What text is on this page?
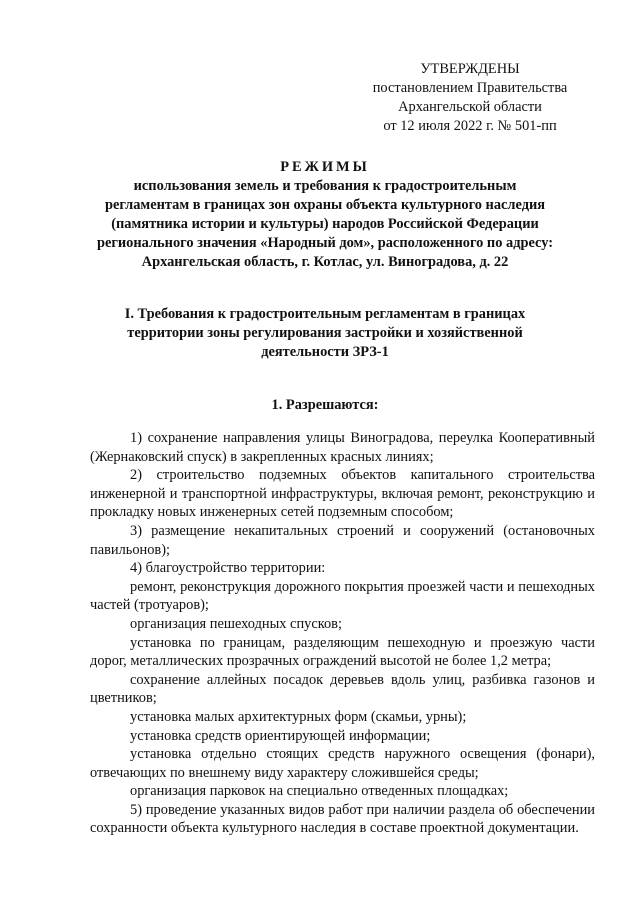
УТВЕРЖДЕНЫ
постановлением Правительства
Архангельской области
от 12 июля 2022 г. № 501-пп
РЕЖИМЫ
использования земель и требования к градостроительным
регламентам в границах зон охраны объекта культурного наследия
(памятника истории и культуры) народов Российской Федерации
регионального значения «Народный дом», расположенного по адресу:
Архангельская область, г. Котлас, ул. Виноградова, д. 22
I. Требования к градостроительным регламентам в границах
территории зоны регулирования застройки и хозяйственной
деятельности ЗРЗ-1
1. Разрешаются:

1) сохранение направления улицы Виноградова, переулка Кооперативный (Жернаковский спуск) в закрепленных красных линиях;

2) строительство подземных объектов капитального строительства инженерной и транспортной инфраструктуры, включая ремонт, реконструкцию и прокладку новых инженерных сетей подземным способом;

3) размещение некапитальных строений и сооружений (остановочных павильонов);

4) благоустройство территории:

ремонт, реконструкция дорожного покрытия проезжей части и пешеходных частей (тротуаров);

организация пешеходных спусков;

установка по границам, разделяющим пешеходную и проезжую части дорог, металлических прозрачных ограждений высотой не более 1,2 метра;

сохранение аллейных посадок деревьев вдоль улиц, разбивка газонов и цветников;

установка малых архитектурных форм (скамьи, урны);

установка средств ориентирующей информации;

установка отдельно стоящих средств наружного освещения (фонари), отвечающих по внешнему виду характеру сложившейся среды;

организация парковок на специально отведенных площадках;

5) проведение указанных видов работ при наличии раздела об обеспечении сохранности объекта культурного наследия в составе проектной документации.
